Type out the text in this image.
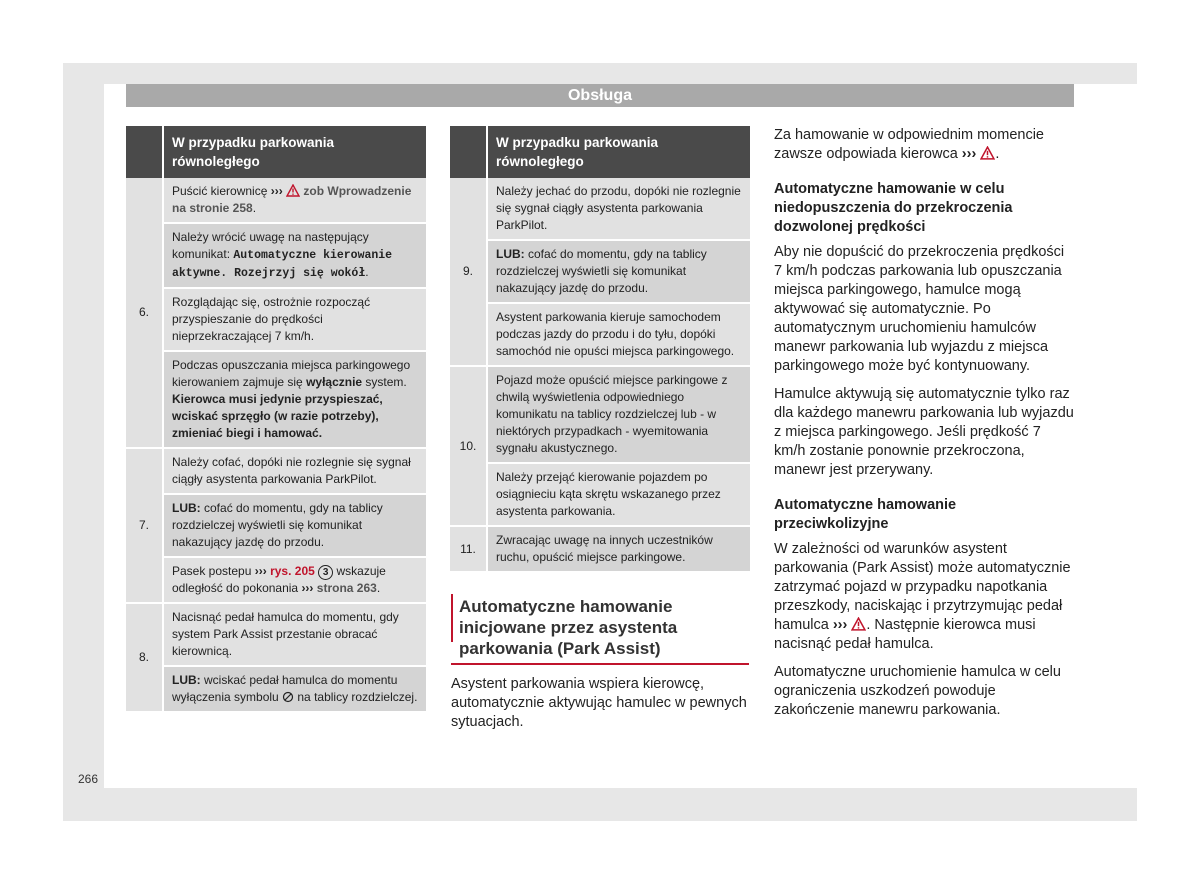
Obsługa
	W przypadku parkowania równoległego
6.	Puścić kierownicę ››› zob Wprowadzenie na stronie 258.
	Należy wrócić uwagę na następujący komunikat: Automatyczne kierowanie aktywne. Rozejrzyj się wokół.
	Rozglądając się, ostrożnie rozpocząć przyspieszanie do prędkości nieprzekraczającej 7 km/h.
	Podczas opuszczania miejsca parkingowego kierowaniem zajmuje się wyłącznie system. Kierowca musi jedynie przyspieszać, wciskać sprzęgło (w razie potrzeby), zmieniać biegi i hamować.
7.	Należy cofać, dopóki nie rozlegnie się sygnał ciągły asystenta parkowania ParkPilot.
	LUB: cofać do momentu, gdy na tablicy rozdzielczej wyświetli się komunikat nakazujący jazdę do przodu.
	Pasek postepu ››› rys. 205 3 wskazuje odległość do pokonania ››› strona 263.
8.	Nacisnąć pedał hamulca do momentu, gdy system Park Assist przestanie obracać kierownicą.
	LUB: wciskać pedał hamulca do momentu wyłączenia symbolu  na tablicy rozdzielczej.
	W przypadku parkowania równoległego
9.	Należy jechać do przodu, dopóki nie rozlegnie się sygnał ciągły asystenta parkowania ParkPilot.
	LUB: cofać do momentu, gdy na tablicy rozdzielczej wyświetli się komunikat nakazujący jazdę do przodu.
	Asystent parkowania kieruje samochodem podczas jazdy do przodu i do tyłu, dopóki samochód nie opuści miejsca parkingowego.
10.	Pojazd może opuścić miejsce parkingowe z chwilą wyświetlenia odpowiedniego komunikatu na tablicy rozdzielczej lub - w niektórych przypadkach - wyemitowania sygnału akustycznego.
	Należy przejąć kierowanie pojazdem po osiągnieciu kąta skrętu wskazanego przez asystenta parkowania.
11.	Zwracając uwagę na innych uczestników ruchu, opuścić miejsce parkingowe.
Automatyczne hamowanie inicjowane przez asystenta parkowania (Park Assist)

Asystent parkowania wspiera kierowcę, automatycznie aktywując hamulec w pewnych sytuacjach.

Za hamowanie w odpowiednim momencie zawsze odpowiada kierowca ››› .

Automatyczne hamowanie w celu niedopuszczenia do przekroczenia dozwolonej prędkości

Aby nie dopuścić do przekroczenia prędkości 7 km/h podczas parkowania lub opuszczania miejsca parkingowego, hamulce mogą aktywować się automatycznie. Po automatycznym uruchomieniu hamulców manewr parkowania lub wyjazdu z miejsca parkingowego może być kontynuowany.

Hamulce aktywują się automatycznie tylko raz dla każdego manewru parkowania lub wyjazdu z miejsca parkingowego. Jeśli prędkość 7 km/h zostanie ponownie przekroczona, manewr jest przerywany.

Automatyczne hamowanie przeciwkolizyjne

W zależności od warunków asystent parkowania (Park Assist) może automatycznie zatrzymać pojazd w przypadku napotkania przeszkody, naciskając i przytrzymując pedał hamulca ››› . Następnie kierowca musi nacisnąć pedał hamulca.

Automatyczne uruchomienie hamulca w celu ograniczenia uszkodzeń powoduje zakończenie manewru parkowania.

266
